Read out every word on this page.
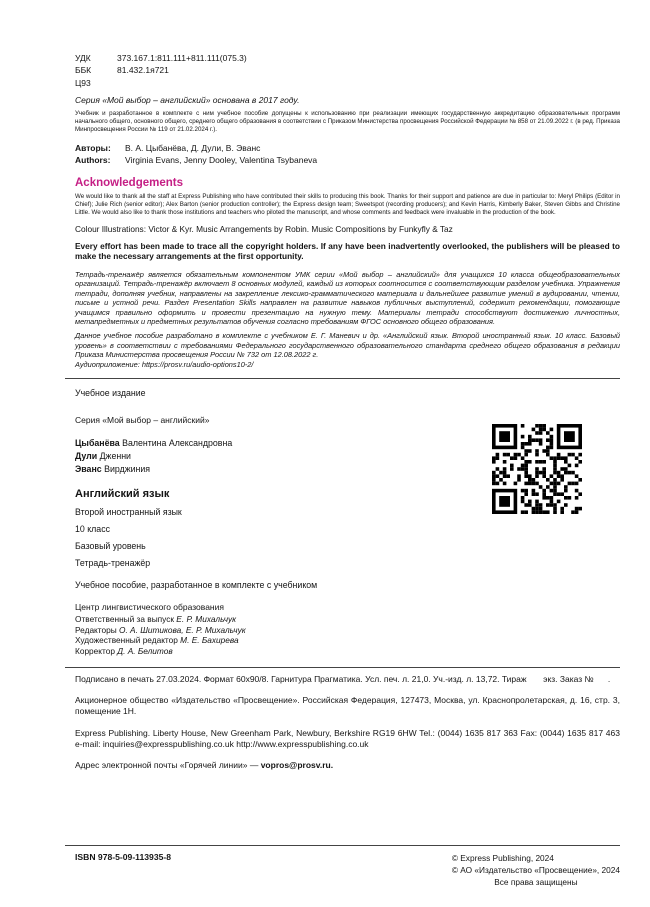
УДК	373.167.1:811.111+811.111(075.3)
ББК	81.432.1я721
Ц93

Серия «Мой выбор – английский» основана в 2017 году.

Учебник и разработанное в комплекте с ним учебное пособие допущены к использованию при реализации имеющих государственную аккредитацию образовательных программ начального общего, основного общего, среднего общего образования в соответствии с Приказом Министерства просвещения Российской Федерации № 858 от 21.09.2022 г. (в ред. Приказа Минпросвещения России № 119 от 21.02.2024 г.).

Авторы:	В. А. Цыбанёва, Д. Дули, В. Эванс
Authors:	Virginia Evans, Jenny Dooley, Valentina Tsybaneva
Acknowledgements

We would like to thank all the staff at Express Publishing who have contributed their skills to producing this book. Thanks for their support and patience are due in particular to: Meryl Philips (Editor in Chief); Julie Rich (senior editor); Alex Barton (senior production controller); the Express design team; Sweetspot (recording producers); and Kevin Harris, Kimberly Baker, Steven Gibbs and Christine Little. We would also like to thank those institutions and teachers who piloted the manuscript, and whose comments and feedback were invaluable in the production of the book.

Colour Illustrations: Victor & Kyr. Music Arrangements by Robin. Music Compositions by Funkyfly & Taz

Every effort has been made to trace all the copyright holders. If any have been inadvertently overlooked, the publishers will be pleased to make the necessary arrangements at the first opportunity.

Тетрадь-тренажёр является обязательным компонентом УМК серии «Мой выбор – английский» для учащихся 10 класса общеобразовательных организаций. Тетрадь-тренажёр включает 8 основных модулей, каждый из которых соотносится с соответствующим разделом учебника. Упражнения тетради, дополняя учебник, направлены на закрепление лексико-грамматического материала и дальнейшее развитие умений в аудировании, чтении, письме и устной речи. Раздел Presentation Skills направлен на развитие навыков публичных выступлений, содержит рекомендации, помогающие учащимся правильно оформить и провести презентацию на нужную тему. Материалы тетради способствуют достижению личностных, метапредметных и предметных результатов обучения согласно требованиям ФГОС основного общего образования.

Данное учебное пособие разработано в комплекте с учебником Е. Г. Маневич и др. «Английский язык. Второй иностранный язык. 10 класс. Базовый уровень» в соответствии с требованиями Федерального государственного образовательного стандарта среднего общего образования в редакции Приказа Министерства просвещения России № 732 от 12.08.2022 г.

Аудиоприложение: https://prosv.ru/audio-options10-2/

Учебное издание

Серия «Мой выбор – английский»

Цыбанёва Валентина Александровна

Дули Дженни

Эванс Вирджиния

Английский язык

Второй иностранный язык

10 класс

Базовый уровень

Тетрадь-тренажёр

Учебное пособие, разработанное в комплекте с учебником

Центр лингвистического образования

Ответственный за выпуск Е. Р. Михальчук

Редакторы О. А. Шитикова, Е. Р. Михальчук

Художественный редактор М. Е. Бахирева

Корректор Д. А. Белитов

Подписано в печать 27.03.2024. Формат 60x90/8. Гарнитура Прагматика. Усл. печ. л. 21,0. Уч.-изд. л. 13,72. Тираж       экз. Заказ №      .

Акционерное общество «Издательство «Просвещение». Российская Федерация, 127473, Москва, ул. Краснопролетарская, д. 16, стр. 3, помещение 1Н.

Express Publishing. Liberty House, New Greenham Park, Newbury, Berkshire RG19 6HW Tel.: (0044) 1635 817 363 Fax: (0044) 1635 817 463 e-mail: inquiries@expresspublishing.co.uk http://www.expresspublishing.co.uk

Адрес электронной почты «Горячей линии» — vopros@prosv.ru.

ISBN 978-5-09-113935-8	© Express Publishing, 2024
© АО «Издательство «Просвещение», 2024
Все права защищены
